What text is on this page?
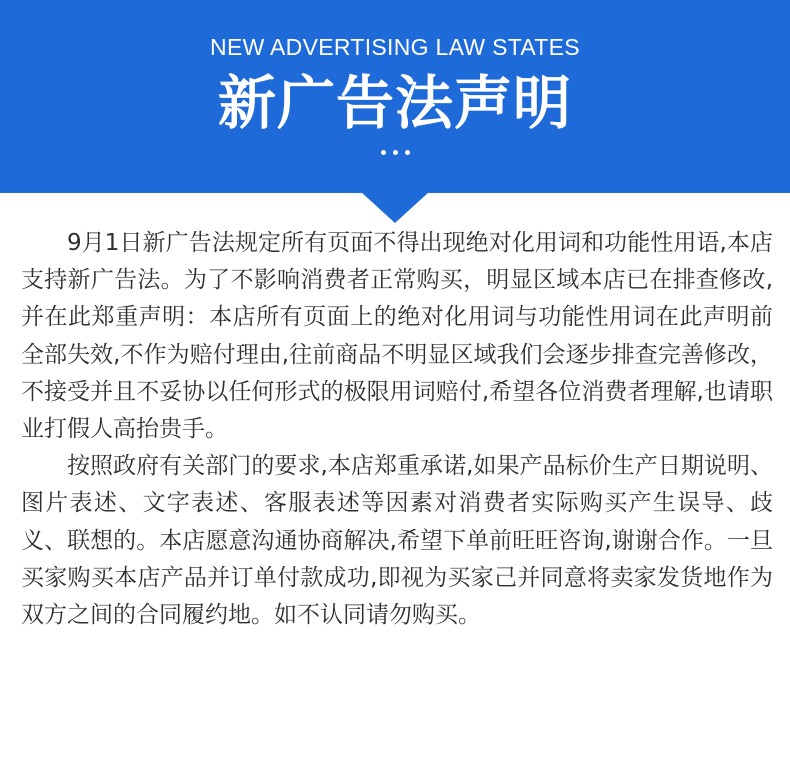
NEW ADVERTISING LAW STATES
新广告法声明

9月1日新广告法规定所有页面不得出现绝对化用词和功能性用语,本店支持新广告法。为了不影响消费者正常购买，明显区域本店已在排查修改,并在此郑重声明：本店所有页面上的绝对化用词与功能性用词在此声明前全部失效,不作为赔付理由,往前商品不明显区域我们会逐步排查完善修改，不接受并且不妥协以任何形式的极限用词赔付,希望各位消费者理解,也请职业打假人高抬贵手。

按照政府有关部门的要求,本店郑重承诺,如果产品标价生产日期说明、图片表述、文字表述、客服表述等因素对消费者实际购买产生误导、歧义、联想的。本店愿意沟通协商解决,希望下单前旺旺咨询,谢谢合作。一旦买家购买本店产品并订单付款成功,即视为买家己并同意将卖家发货地作为双方之间的合同履约地。如不认同请勿购买。
